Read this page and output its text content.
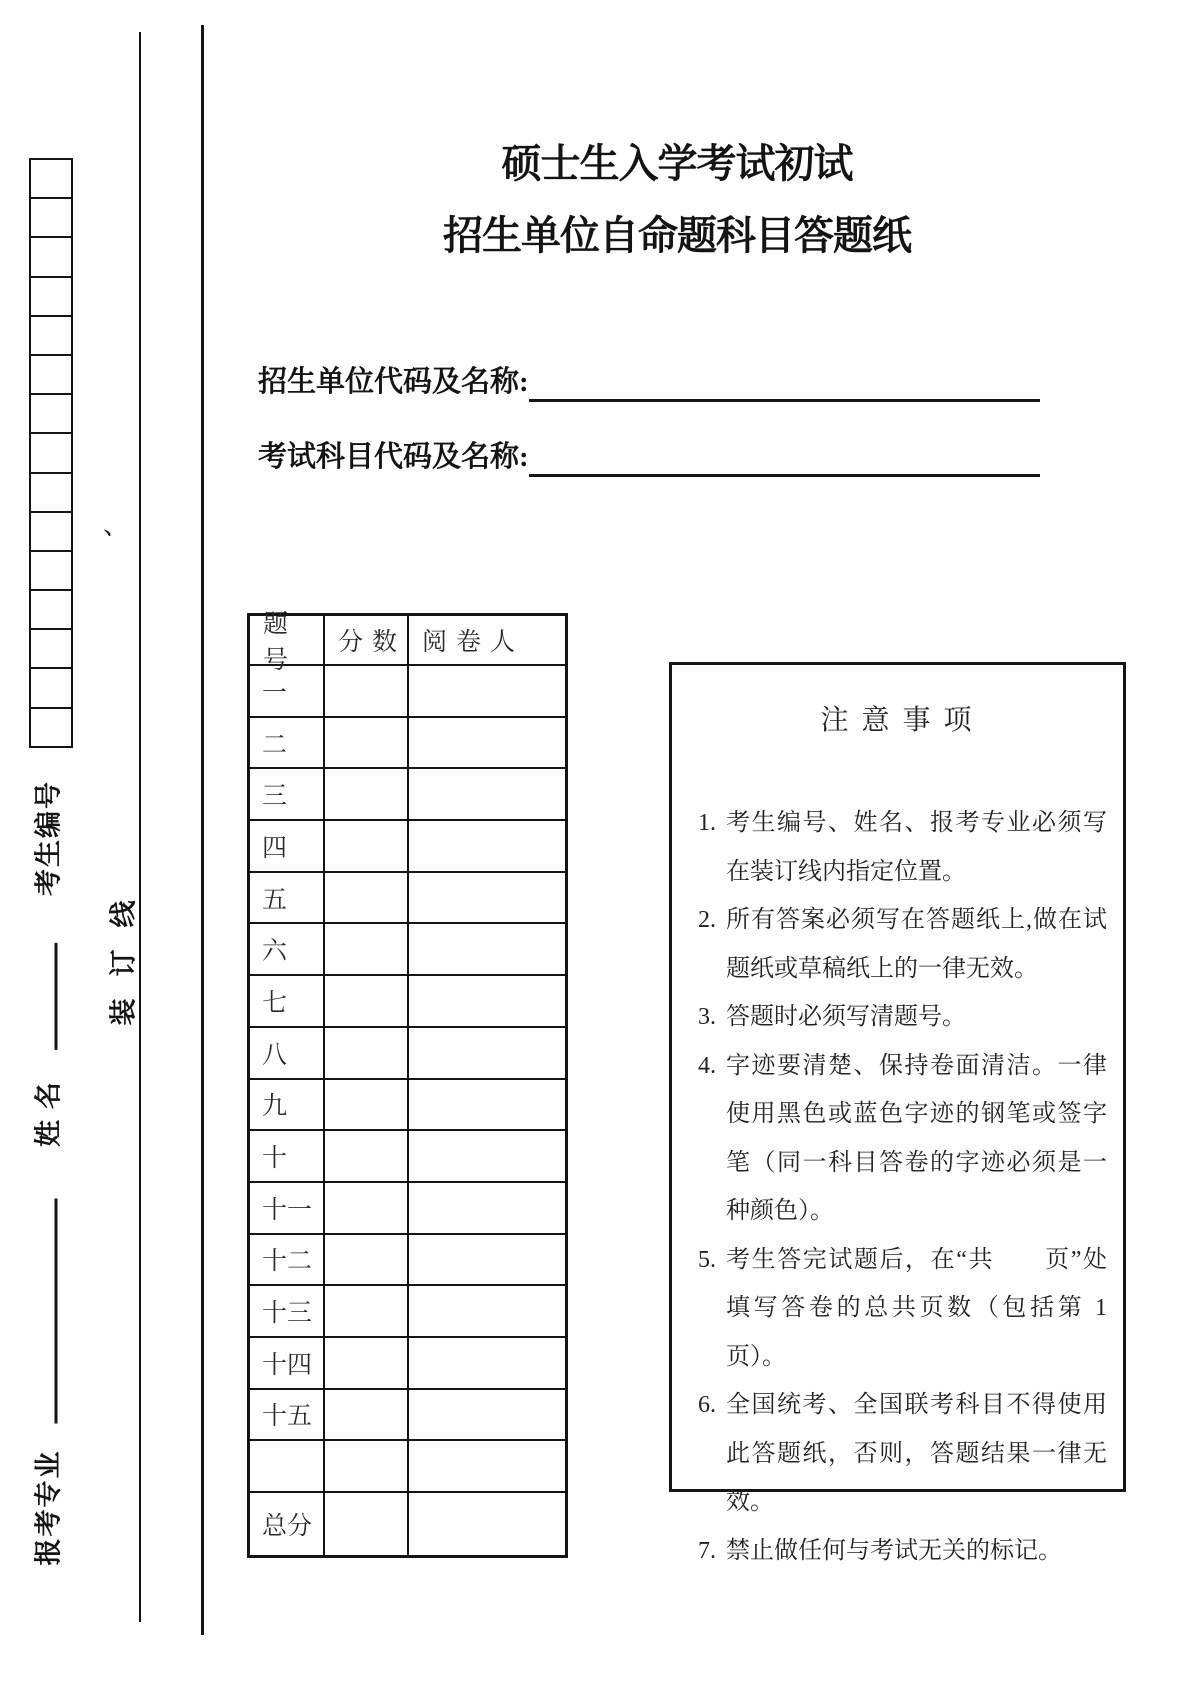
、
考生编号
装订线
姓 名
报考专业
硕士生入学考试初试
招生单位自命题科目答题纸
招生单位代码及名称:
考试科目代码及名称:
题号
分数 阅卷人
一
二
三
四
五
六
七
八
九
十
十一
十二
十三
十四
十五
总分
注意事项
1. 考生编号、姓名、报考专业必须写在装订线内指定位置。
2. 所有答案必须写在答题纸上,做在试题纸或草稿纸上的一律无效。
3. 答题时必须写清题号。
4. 字迹要清楚、保持卷面清洁。一律使用黑色或蓝色字迹的钢笔或签字笔（同一科目答卷的字迹必须是一种颜色）。
5. 考生答完试题后，在“共　　页”处填写答卷的总共页数（包括第 1 页）。
6. 全国统考、全国联考科目不得使用此答题纸，否则，答题结果一律无效。
7. 禁止做任何与考试无关的标记。
